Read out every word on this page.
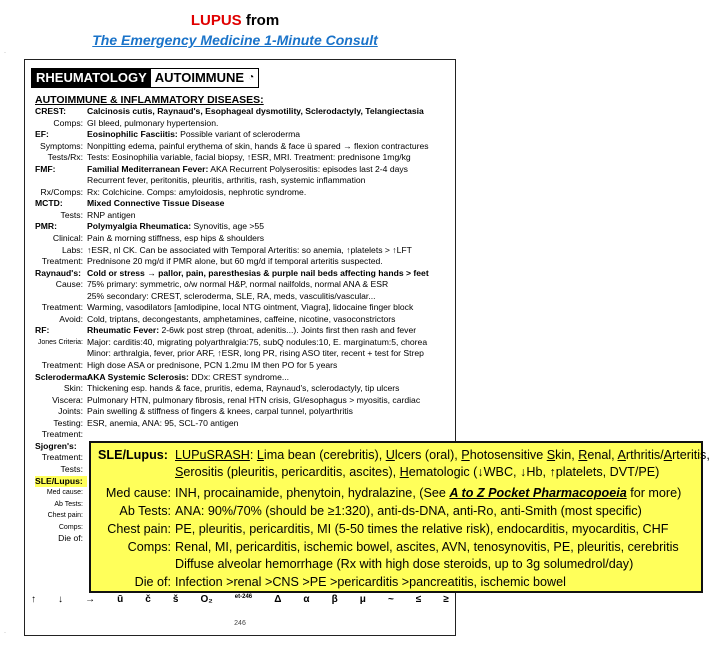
LUPUS from
The Emergency Medicine 1-Minute Consult
RHEUMATOLOGY AUTOIMMUNE ◔
AUTOIMMUNE & INFLAMMATORY DISEASES:
CREST:	Calcinosis cutis, Raynaud's, Esophageal dysmotility, Sclerodactyly, Telangiectasia
Comps: GI bleed, pulmonary hypertension.
EF:	Eosinophilic Fasciitis: Possible variant of scleroderma
Symptoms: Nonpitting edema, painful erythema of skin, hands & face ü spared → flexion contractures
Tests/Rx: Tests: Eosinophilia variable, facial biopsy, ↑ESR, MRI. Treatment: prednisone 1mg/kg
FMF:	Familial Mediterranean Fever: AKA Recurrent Polyserositis: episodes last 2-4 days
Recurrent fever, peritonitis, pleuritis, arthritis, rash, systemic inflammation
Rx/Comps: Rx: Colchicine. Comps: amyloidosis, nephrotic syndrome.
MCTD:	Mixed Connective Tissue Disease
Tests: RNP antigen
PMR:	Polymyalgia Rheumatica: Synovitis, age >55
Clinical: Pain & morning stiffness, esp hips & shoulders
Labs: ↑ESR, nl CK. Can be associated with Temporal Arteritis: so anemia, ↑platelets > ↑LFT
Treatment: Prednisone 20 mg/d if PMR alone, but 60 mg/d if temporal arteritis suspected.
Raynaud's: Cold or stress → pallor, pain, paresthesias & purple nail beds affecting hands > feet
Cause: 75% primary: symmetric, o/w normal H&P, normal nailfolds, normal ANA & ESR
25% secondary: CREST, scleroderma, SLE, RA, meds, vasculitis/vascular...
Treatment: Warming, vasodilators [amlodipine, local NTG ointment, Viagra], lidocaine finger block
Avoid: Cold, triptans, decongestants, amphetamines, caffeine, nicotine, vasoconstrictors
RF:	Rheumatic Fever: 2-6wk post strep (throat, adenitis...). Joints first then rash and fever
Jones Criteria: Major: carditis:40, migrating polyarthralgia:75, subQ nodules:10, E. marginatum:5, chorea
Minor: arthralgia, fever, prior ARF, ↑ESR, long PR, rising ASO titer, recent + test for Strep
Treatment: High dose ASA or prednisone, PCN 1.2mu IM then PO for 5 years
Scleroderma:
AKA Systemic Sclerosis: DDx: CREST syndrome...
Skin: Thickening esp. hands & face, pruritis, edema, Raynaud's, sclerodactyly, tip ulcers
Viscera: Pulmonary HTN, pulmonary fibrosis, renal HTN crisis, GI/esophagus > myositis, cardiac
Joints: Pain swelling & stiffness of fingers & knees, carpal tunnel, polyarthritis
Testing: ESR, anemia, ANA: 95, SCL-70 antigen
Treatment:
Sjogren's:
Treatment:
Tests:
SLE/Lupus:
Med cause:
Ab Tests:
Chest pain:
Comps:
Die of:
↑ ↓ → ū č š O₂	et-246 Δ α β μ ~ ≤ ≥
246
·
·
SLE/Lupus: LUPuSRASH: Lima bean (cerebritis), Ulcers (oral), Photosensitive Skin, Renal, Arthritis/Arteritis,
Serositis (pleuritis, pericarditis, ascites), Hematologic (↓WBC, ↓Hb, ↑platelets, DVT/PE)
Med cause: INH, procainamide, phenytoin, hydralazine, (See A to Z Pocket Pharmacopoeia for more)
Ab Tests: ANA: 90%/70% (should be ≥1:320), anti-ds-DNA, anti-Ro, anti-Smith (most specific)
Chest pain: PE, pleuritis, pericarditis, MI (5-50 times the relative risk), endocarditis, myocarditis, CHF
Comps: Renal, MI, pericarditis, ischemic bowel, ascites, AVN, tenosynovitis, PE, pleuritis, cerebritis
Diffuse alveolar hemorrhage (Rx with high dose steroids, up to 3g solumedrol/day)
Die of: Infection >renal >CNS >PE >pericarditis >pancreatitis, ischemic bowel
